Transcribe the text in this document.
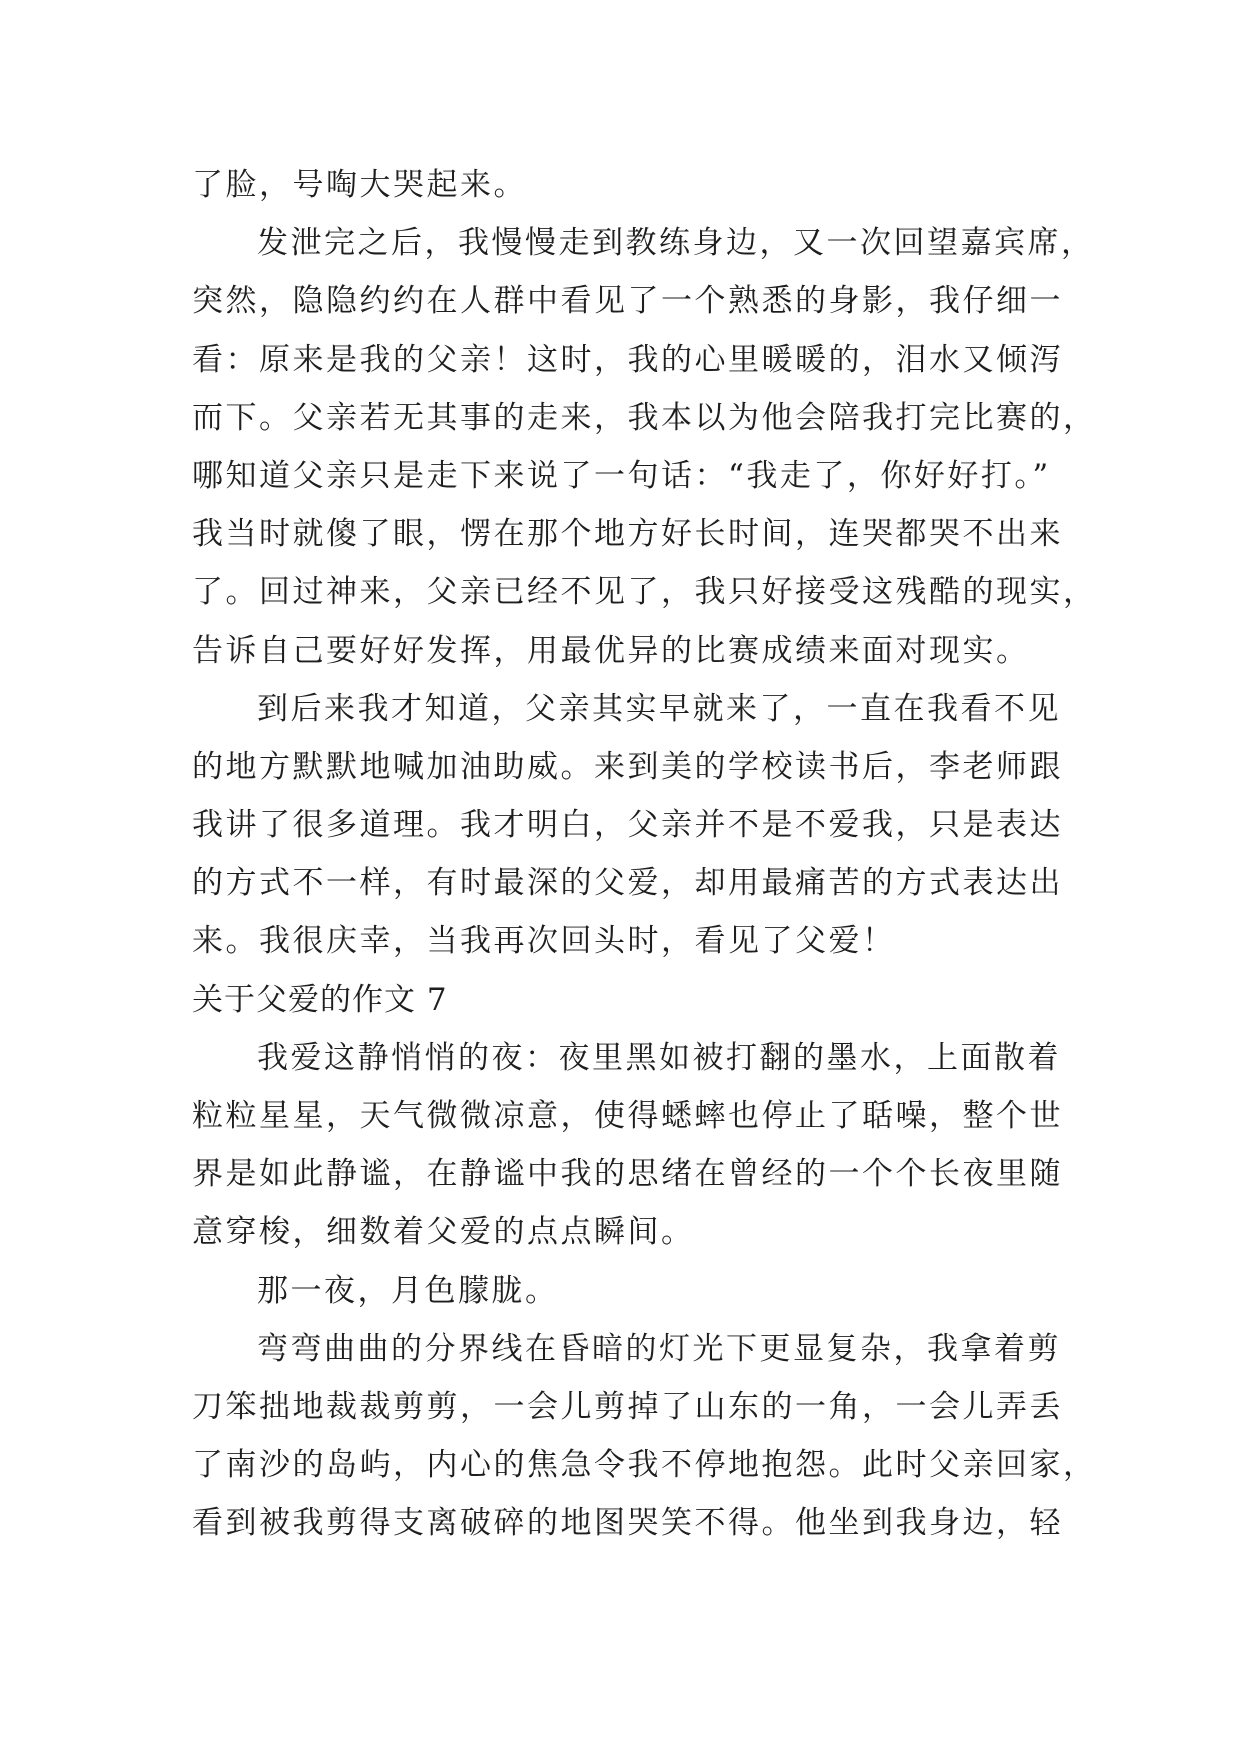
了脸，号啕大哭起来。
发泄完之后，我慢慢走到教练身边，又一次回望嘉宾席，
突然，隐隐约约在人群中看见了一个熟悉的身影，我仔细一
看：原来是我的父亲！这时，我的心里暖暖的，泪水又倾泻
而下。父亲若无其事的走来，我本以为他会陪我打完比赛的，
哪知道父亲只是走下来说了一句话：“我走了，你好好打。”
我当时就傻了眼，愣在那个地方好长时间，连哭都哭不出来
了。回过神来，父亲已经不见了，我只好接受这残酷的现实，
告诉自己要好好发挥，用最优异的比赛成绩来面对现实。
到后来我才知道，父亲其实早就来了，一直在我看不见
的地方默默地喊加油助威。来到美的学校读书后，李老师跟
我讲了很多道理。我才明白，父亲并不是不爱我，只是表达
的方式不一样，有时最深的父爱，却用最痛苦的方式表达出
来。我很庆幸，当我再次回头时，看见了父爱！
关于父爱的作文 7
我爱这静悄悄的夜：夜里黑如被打翻的墨水，上面散着
粒粒星星，天气微微凉意，使得蟋蟀也停止了聒噪，整个世
界是如此静谧，在静谧中我的思绪在曾经的一个个长夜里随
意穿梭，细数着父爱的点点瞬间。
那一夜，月色朦胧。
弯弯曲曲的分界线在昏暗的灯光下更显复杂，我拿着剪
刀笨拙地裁裁剪剪，一会儿剪掉了山东的一角，一会儿弄丢
了南沙的岛屿，内心的焦急令我不停地抱怨。此时父亲回家，
看到被我剪得支离破碎的地图哭笑不得。他坐到我身边，轻
